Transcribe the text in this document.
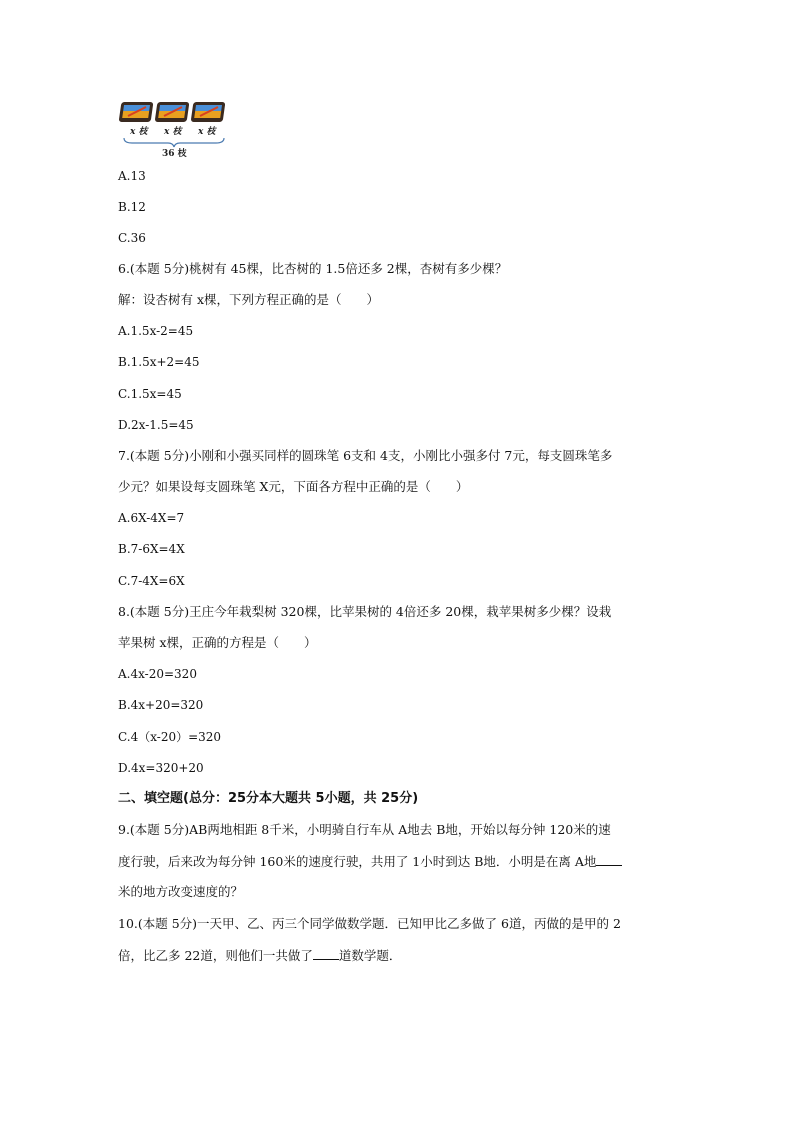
x 枝 x 枝 x 枝
36 枝
A.13
B.12
C.36
6.(本题 5分)桃树有 45棵，比杏树的 1.5倍还多 2棵，杏树有多少棵？
解：设杏树有 x棵，下列方程正确的是（　　）
A.1.5x-2=45
B.1.5x+2=45
C.1.5x=45
D.2x-1.5=45
7.(本题 5分)小刚和小强买同样的圆珠笔 6支和 4支，小刚比小强多付 7元，每支圆珠笔多
少元？如果设每支圆珠笔 X元，下面各方程中正确的是（　　）
A.6X-4X=7
B.7-6X=4X
C.7-4X=6X
8.(本题 5分)王庄今年栽梨树 320棵，比苹果树的 4倍还多 20棵，栽苹果树多少棵？设栽
苹果树 x棵，正确的方程是（　　）
A.4x-20=320
B.4x+20=320
C.4（x-20）=320
D.4x=320+20
二、填空题(总分：25分本大题共 5小题，共 25分)
9.(本题 5分)AB两地相距 8千米，小明骑自行车从 A地去 B地，开始以每分钟 120米的速
度行驶，后来改为每分钟 160米的速度行驶，共用了 1小时到达 B地．小明是在离 A地
米的地方改变速度的？
10.(本题 5分)一天甲、乙、丙三个同学做数学题．已知甲比乙多做了 6道，丙做的是甲的 2
倍，比乙多 22道，则他们一共做了 道数学题．
